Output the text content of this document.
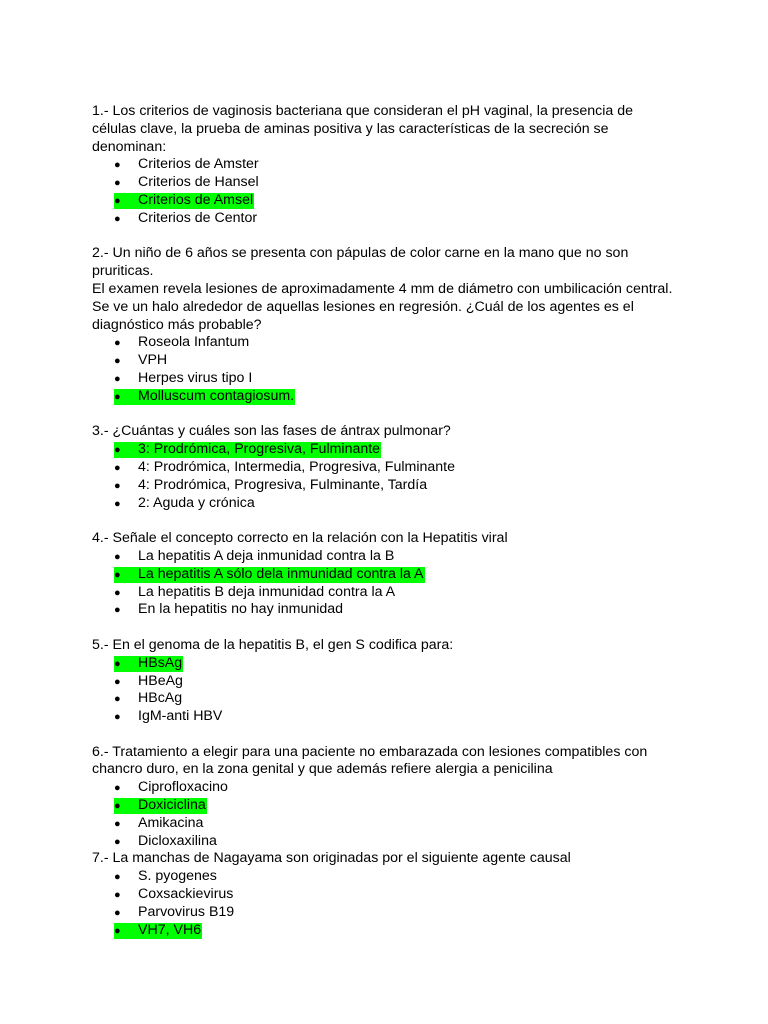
1.- Los criterios de vaginosis bacteriana que consideran el pH vaginal, la presencia de
células clave, la prueba de aminas positiva y las características de la secreción se
denominan:

● Criterios de Amster
● Criterios de Hansel
● Criterios de Amsel
● Criterios de Centor

2.- Un niño de 6 años se presenta con pápulas de color carne en la mano que no son
pruriticas.
El examen revela lesiones de aproximadamente 4 mm de diámetro con umbilicación central.
Se ve un halo alrededor de aquellas lesiones en regresión. ¿Cuál de los agentes es el
diagnóstico más probable?

● Roseola Infantum
● VPH
● Herpes virus tipo I
● Molluscum contagiosum.

3.- ¿Cuántas y cuáles son las fases de ántrax pulmonar?

● 3: Prodrómica, Progresiva, Fulminante
● 4: Prodrómica, Intermedia, Progresiva, Fulminante
● 4: Prodrómica, Progresiva, Fulminante, Tardía
● 2: Aguda y crónica

4.- Señale el concepto correcto en la relación con la Hepatitis viral

● La hepatitis A deja inmunidad contra la B
● La hepatitis A sólo dela inmunidad contra la A
● La hepatitis B deja inmunidad contra la A
● En la hepatitis no hay inmunidad

5.- En el genoma de la hepatitis B, el gen S codifica para:

● HBsAg
● HBeAg
● HBcAg
● IgM-anti HBV

6.- Tratamiento a elegir para una paciente no embarazada con lesiones compatibles con
chancro duro, en la zona genital y que además refiere alergia a penicilina

● Ciprofloxacino
● Doxiciclina
● Amikacina
● Dicloxaxilina

7.- La manchas de Nagayama son originadas por el siguiente agente causal

● S. pyogenes
● Coxsackievirus
● Parvovirus B19
● VH7, VH6
